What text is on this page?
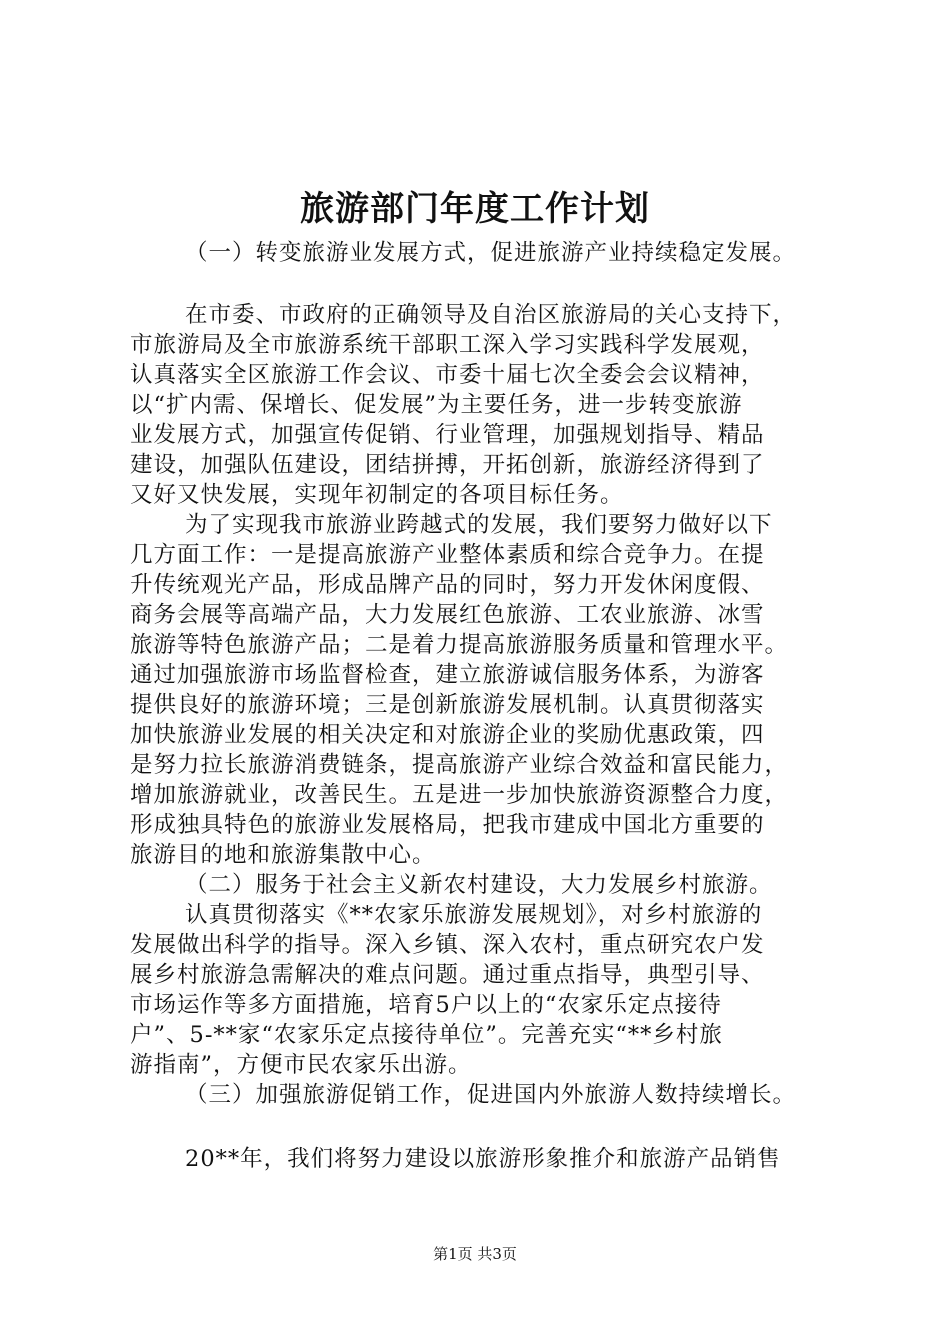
旅游部门年度工作计划
（一）转变旅游业发展方式，促进旅游产业持续稳定发展。
在市委、市政府的正确领导及自治区旅游局的关心支持下，
市旅游局及全市旅游系统干部职工深入学习实践科学发展观，
认真落实全区旅游工作会议、市委十届七次全委会会议精神，
以“扩内需、保增长、促发展”为主要任务，进一步转变旅游
业发展方式，加强宣传促销、行业管理，加强规划指导、精品
建设，加强队伍建设，团结拼搏，开拓创新，旅游经济得到了
又好又快发展，实现年初制定的各项目标任务。
为了实现我市旅游业跨越式的发展，我们要努力做好以下
几方面工作：一是提高旅游产业整体素质和综合竞争力。在提
升传统观光产品，形成品牌产品的同时，努力开发休闲度假、
商务会展等高端产品，大力发展红色旅游、工农业旅游、冰雪
旅游等特色旅游产品；二是着力提高旅游服务质量和管理水平。
通过加强旅游市场监督检查，建立旅游诚信服务体系，为游客
提供良好的旅游环境；三是创新旅游发展机制。认真贯彻落实
加快旅游业发展的相关决定和对旅游企业的奖励优惠政策，四
是努力拉长旅游消费链条，提高旅游产业综合效益和富民能力，
增加旅游就业，改善民生。五是进一步加快旅游资源整合力度，
形成独具特色的旅游业发展格局，把我市建成中国北方重要的
旅游目的地和旅游集散中心。
（二）服务于社会主义新农村建设，大力发展乡村旅游。
认真贯彻落实《**农家乐旅游发展规划》，对乡村旅游的
发展做出科学的指导。深入乡镇、深入农村，重点研究农户发
展乡村旅游急需解决的难点问题。通过重点指导，典型引导、
市场运作等多方面措施，培育5户以上的“农家乐定点接待
户”、5-**家“农家乐定点接待单位”。完善充实“**乡村旅
游指南”，方便市民农家乐出游。
（三）加强旅游促销工作，促进国内外旅游人数持续增长。
20**年，我们将努力建设以旅游形象推介和旅游产品销售
第1页 共3页
